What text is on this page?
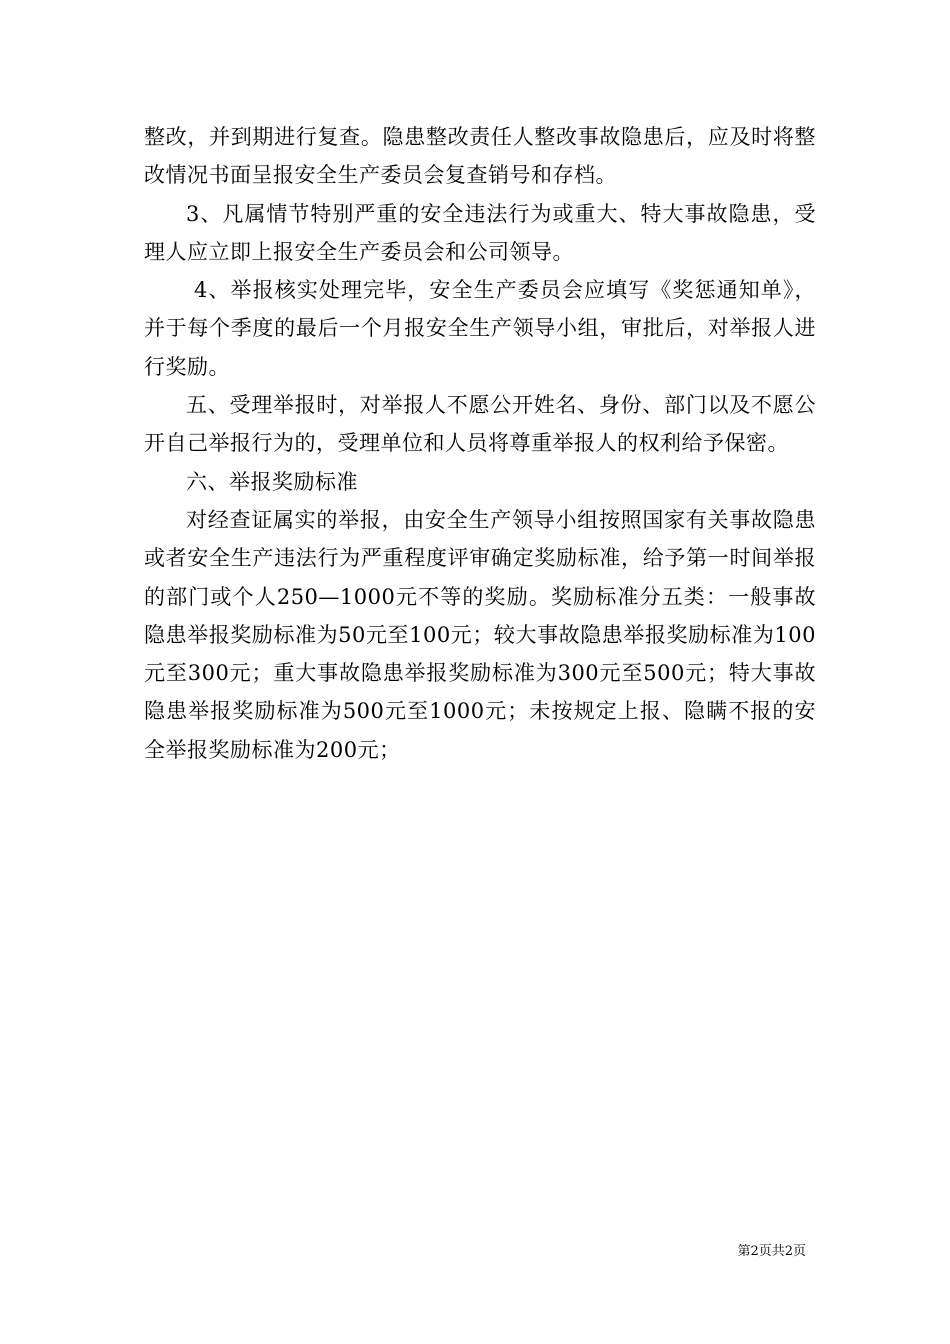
整改，并到期进行复查。隐患整改责任人整改事故隐患后，应及时将整改情况书面呈报安全生产委员会复查销号和存档。

3、凡属情节特别严重的安全违法行为或重大、特大事故隐患，受理人应立即上报安全生产委员会和公司领导。

4、举报核实处理完毕，安全生产委员会应填写《奖惩通知单》，并于每个季度的最后一个月报安全生产领导小组，审批后，对举报人进行奖励。

五、受理举报时，对举报人不愿公开姓名、身份、部门以及不愿公开自己举报行为的，受理单位和人员将尊重举报人的权利给予保密。

六、举报奖励标准

对经查证属实的举报，由安全生产领导小组按照国家有关事故隐患或者安全生产违法行为严重程度评审确定奖励标准，给予第一时间举报的部门或个人250—1000元不等的奖励。奖励标准分五类：一般事故隐患举报奖励标准为50元至100元；较大事故隐患举报奖励标准为100元至300元；重大事故隐患举报奖励标准为300元至500元；特大事故隐患举报奖励标准为500元至1000元；未按规定上报、隐瞒不报的安全举报奖励标准为200元；

第2页共2页
